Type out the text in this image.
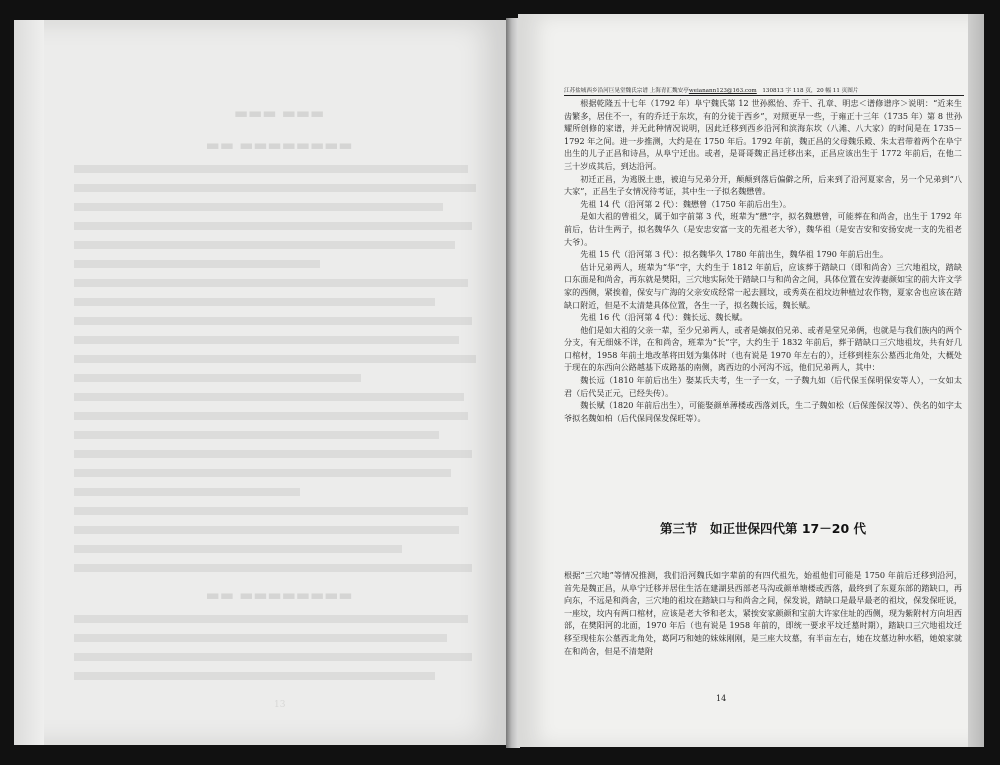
▬▬▬ ▬▬▬
▬▬ ▬▬▬▬▬▬▬▬
▬▬ ▬▬▬▬▬▬▬▬
13
江苏盐城西乡沿河巨晃堂魏氏宗谱 上海青汇魏安亭weianann123@163.com　 130813 字 118 页，20 幅 11 页图片

根据乾隆五十七年（1792 年）阜宁魏氏第 12 世孙熙怡、乔干、孔章、明忠＜谱修谱序＞说明：“近来生齿繁多，居住不一，有的乔迁于东坎，有的分徒于西乡”，对照更早一些，于雍正十三年（1735 年）第 8 世孙耀所创修的家谱，并无此种情况说明，因此迁移到西乡沿河和滨海东坎（八滩、八大家）的时间是在 1735－1792 年之间。进一步推测，大约是在 1750 年后。1792 年前，魏正昌的父母魏乐殿、朱太君带着两个在阜宁出生的儿子正昌和诗昌，从阜宁迁出。或者，是哥哥魏正昌迁移出来，正昌应该出生于 1772 年前后，在他二三十岁成其后，到达沿河。

初迁正昌，为逃脱土患，被迫与兄弟分开，颠颠到落后偏僻之所，后来到了沿河夏家舍，另一个兄弟到“八大家”，正昌生子女情况待考证，其中生一子拟名魏懋曾。

先祖 14 代（沿河第 2 代）：魏懋曾（1750 年前后出生）。

是如大祖的曾祖父，属于如字前第 3 代，班辈为“懋”字，拟名魏懋曾，可能葬在和尚舍，出生于 1792 年前后，估计生两子，拟名魏华久（是安忠安富一支的先祖老大爷），魏华祖（是安吉安和安扬安虎一支的先祖老大爷）。

先祖 15 代（沿河第 3 代）：拟名魏华久 1780 年前出生，魏华祖 1790 年前后出生。

估计兄弟两人，班辈为“华”字，大约生于 1812 年前后，应该葬于踏缺口（即和尚舍）三穴地祖坟，踏缺口东面是和尚舍，再东就是樊阳，三穴地实际处于踏缺口与和尚舍之间，具体位置在安涛妻颜如宝的前大许文学家的西侧，紧挨着，保安与广海的父亲安成经常一起去圆坟，或秀英在祖坟边种植过农作物，夏家舍也应该在踏缺口附近，但是不太清楚具体位置，各生一子，拟名魏长远，魏长赋。

先祖 16 代（沿河第 4 代）：魏长远、魏长赋。

他们是如大祖的父亲一辈，至少兄弟两人，或者是嫡叔伯兄弟、或者是堂兄弟俩，也就是与我们族内的两个分支，有无细妹不详，在和尚舍，班辈为“长”字，大约生于 1832 年前后，葬于踏缺口三穴地祖坟，共有好几口棺材，1958 年前土地改革将田划为集体时（也有说是 1970 年左右的），迁移到桂东公墓西北角处，大概处于现在的东西向公路越基下成路基的南侧，离西边的小河沟不远，他们兄弟两人，其中：

魏长远（1810 年前后出生）娶某氏夫考，生一子一女，一子魏九如（后代保玉保明保安等人），一女如太君（后代吴正元，已经失传）。

魏长赋（1820 年前后出生），可能娶颜单薄楼或西落刘氏，生二子魏如松（后保莲保汉等）、佚名的如字太爷拟名魏如柏（后代保同保发保旺等）。

第三节　如正世保四代第 17－20 代

根据“三穴地”等情况推测，我们沿河魏氏如字辈前的有四代祖先，始祖他们可能是 1750 年前后迁移到沿河，首先是魏正昌，从阜宁迁移并居住生活在建湖县西部老马沟或颜单塘楼或西落，最终到了东夏东部的踏缺口，再向东，不远是和尚舍，三穴地的祖坟在踏缺口与和尚舍之间，保发说，踏缺口是最早最老的祖坟，保发保旺说，一座坟，坟内有两口棺材，应该是老大爷和老太，紧挨安家颜颜和宝前大许家住址的西侧，现为紫附村方向坦西部，在樊阳河的北面，1970 年后（也有说是 1958 年前的，即统一要求平坟迁墓时期），踏缺口三穴地祖坟迁移至现桂东公墓西北角处，葛阿巧和她的妹妹刚刚，是三座大坟墓，有半亩左右，她在坟墓边种水稻，她娘家就在和尚舍，但是不清楚附

14
